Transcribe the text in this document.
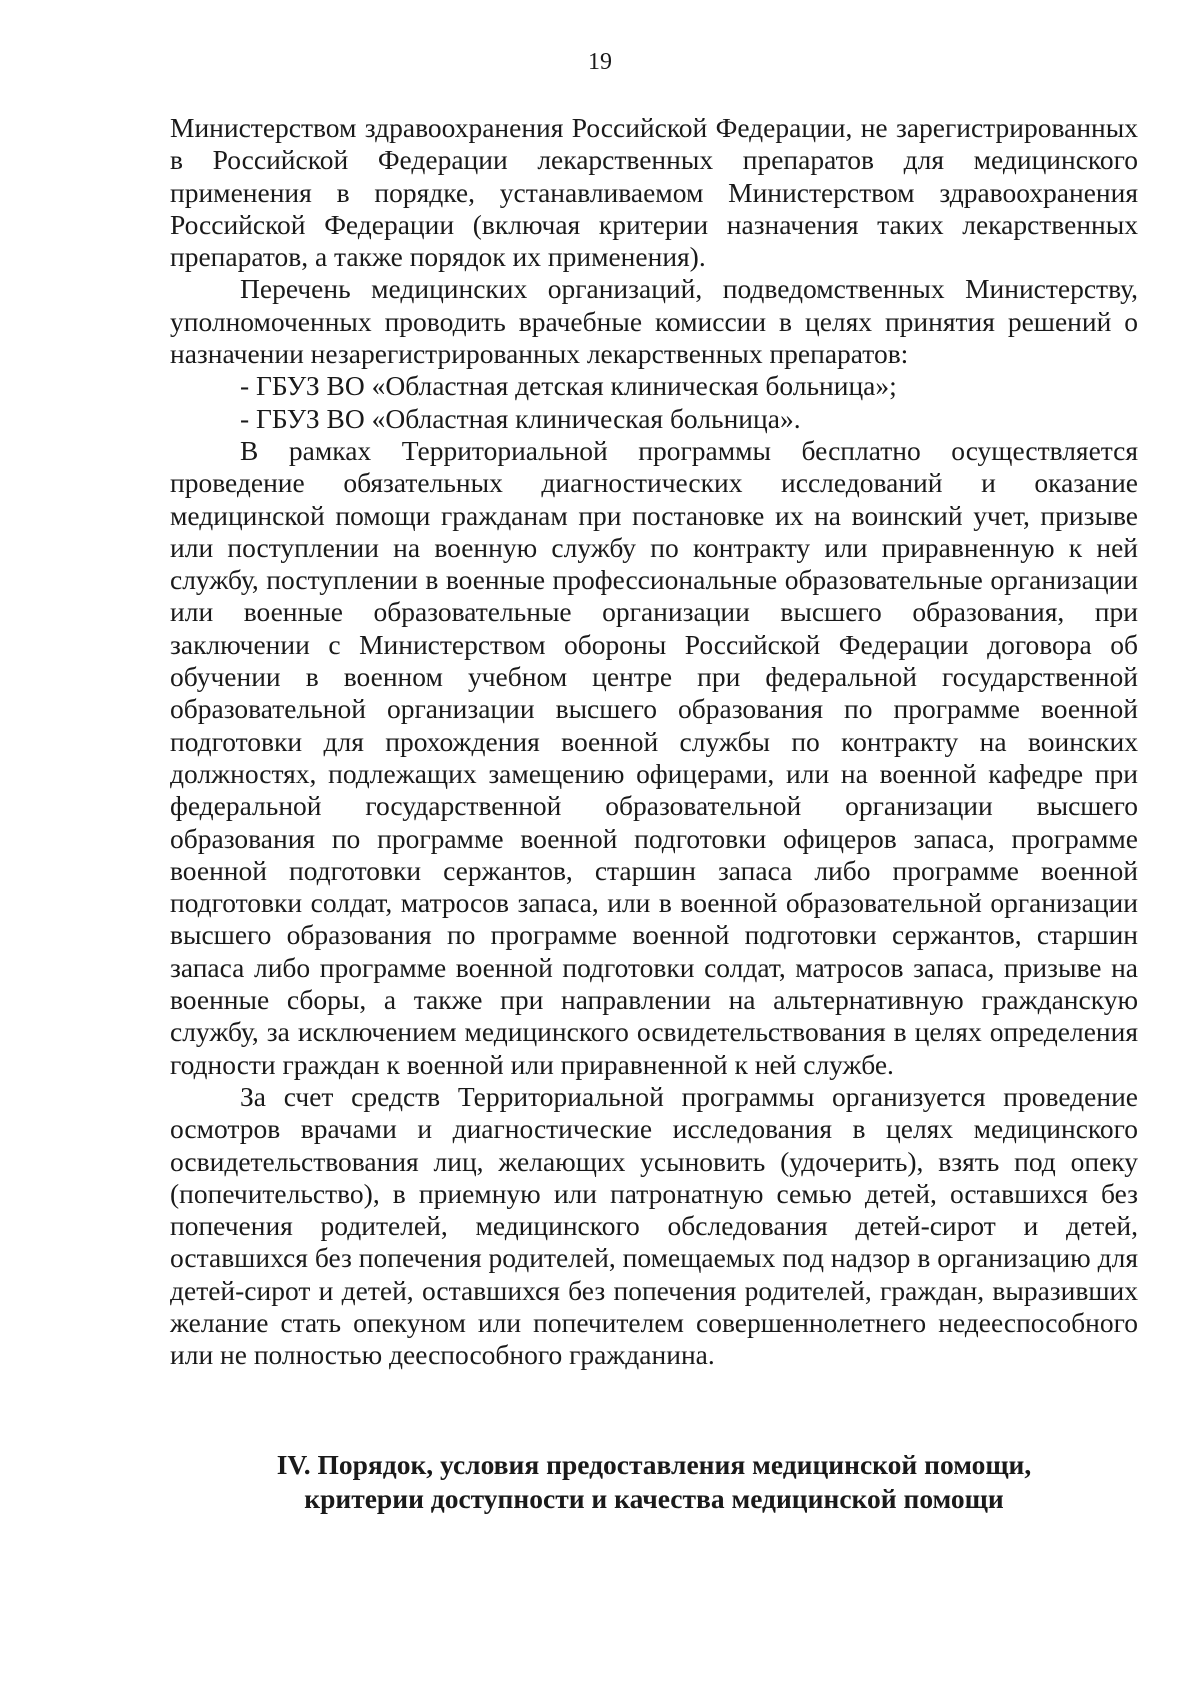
19

Министерством здравоохранения Российской Федерации, не зарегистрированных в Российской Федерации лекарственных препаратов для медицинского применения в порядке, устанавливаемом Министерством здравоохранения Российской Федерации (включая критерии назначения таких лекарственных препаратов, а также порядок их применения).

Перечень медицинских организаций, подведомственных Министерству, уполномоченных проводить врачебные комиссии в целях принятия решений о назначении незарегистрированных лекарственных препаратов:

- ГБУЗ ВО «Областная детская клиническая больница»;

- ГБУЗ ВО «Областная клиническая больница».

В рамках Территориальной программы бесплатно осуществляется проведение обязательных диагностических исследований и оказание медицинской помощи гражданам при постановке их на воинский учет, призыве или поступлении на военную службу по контракту или приравненную к ней службу, поступлении в военные профессиональные образовательные организации или военные образовательные организации высшего образования, при заключении с Министерством обороны Российской Федерации договора об обучении в военном учебном центре при федеральной государственной образовательной организации высшего образования по программе военной подготовки для прохождения военной службы по контракту на воинских должностях, подлежащих замещению офицерами, или на военной кафедре при федеральной государственной образовательной организации высшего образования по программе военной подготовки офицеров запаса, программе военной подготовки сержантов, старшин запаса либо программе военной подготовки солдат, матросов запаса, или в военной образовательной организации высшего образования по программе военной подготовки сержантов, старшин запаса либо программе военной подготовки солдат, матросов запаса, призыве на военные сборы, а также при направлении на альтернативную гражданскую службу, за исключением медицинского освидетельствования в целях определения годности граждан к военной или приравненной к ней службе.

За счет средств Территориальной программы организуется проведение осмотров врачами и диагностические исследования в целях медицинского освидетельствования лиц, желающих усыновить (удочерить), взять под опеку (попечительство), в приемную или патронатную семью детей, оставшихся без попечения родителей, медицинского обследования детей-сирот и детей, оставшихся без попечения родителей, помещаемых под надзор в организацию для детей-сирот и детей, оставшихся без попечения родителей, граждан, выразивших желание стать опекуном или попечителем совершеннолетнего недееспособного или не полностью дееспособного гражданина.

IV. Порядок, условия предоставления медицинской помощи,
критерии доступности и качества медицинской помощи
